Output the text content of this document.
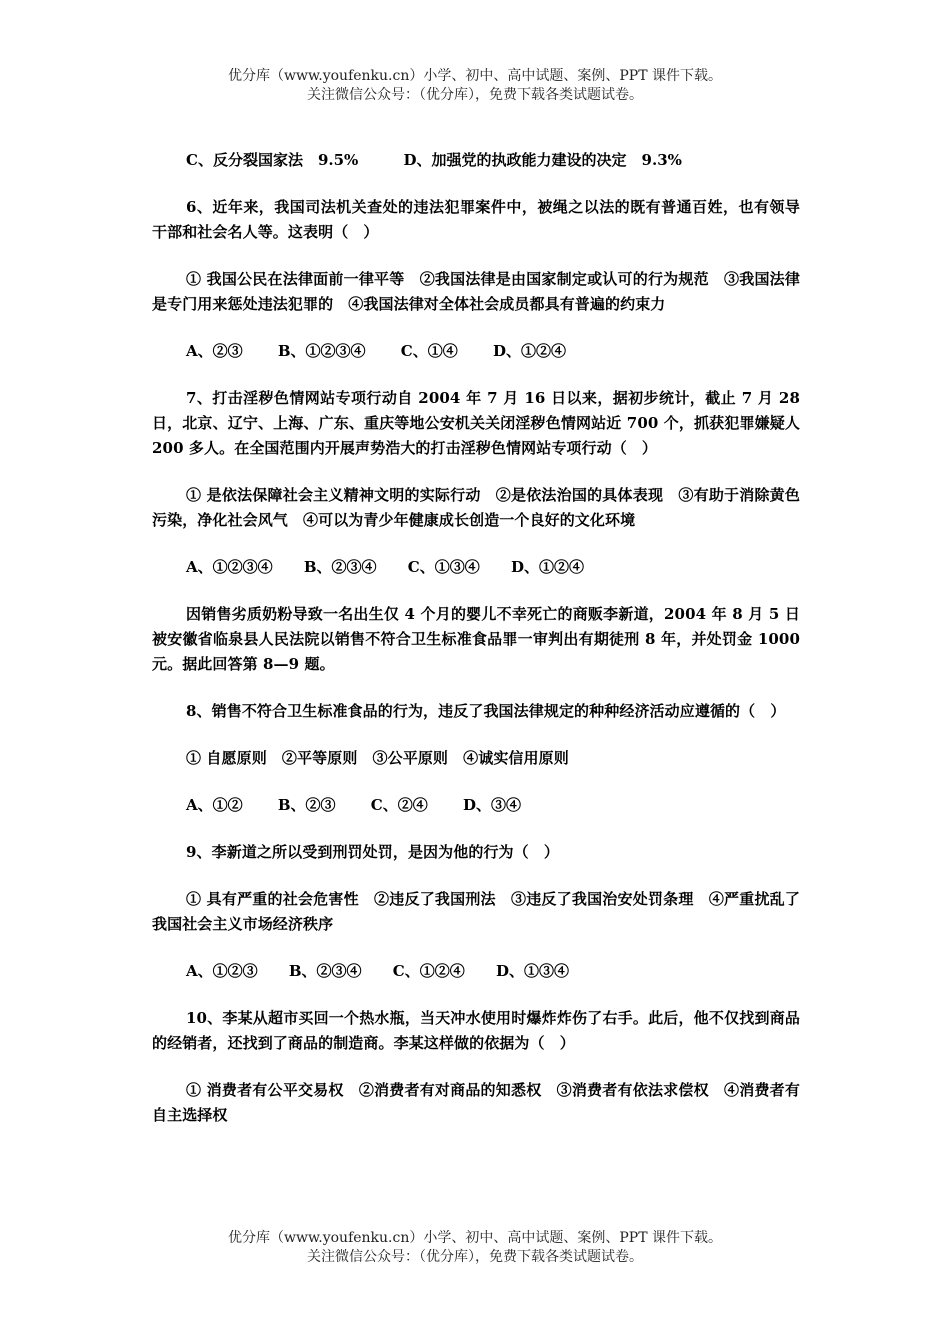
优分库（www.youfenku.cn）小学、初中、高中试题、案例、PPT 课件下载。
关注微信公众号：（优分库），免费下载各类试题试卷。
C、反分裂国家法　9.5%	D、加强党的执政能力建设的决定　9.3%

6、近年来，我国司法机关查处的违法犯罪案件中，被绳之以法的既有普通百姓，也有领导干部和社会名人等。这表明（　）

① 我国公民在法律面前一律平等　②我国法律是由国家制定或认可的行为规范　③我国法律是专门用来惩处违法犯罪的　④我国法律对全体社会成员都具有普遍的约束力

A、②③ B、①②③④ C、①④ D、①②④

7、打击淫秽色情网站专项行动自 2004 年 7 月 16 日以来，据初步统计，截止 7 月 28 日，北京、辽宁、上海、广东、重庆等地公安机关关闭淫秽色情网站近 700 个，抓获犯罪嫌疑人 200 多人。在全国范围内开展声势浩大的打击淫秽色情网站专项行动（　）

① 是依法保障社会主义精神文明的实际行动　②是依法治国的具体表现　③有助于消除黄色污染，净化社会风气　④可以为青少年健康成长创造一个良好的文化环境

A、①②③④ B、②③④ C、①③④ D、①②④

因销售劣质奶粉导致一名出生仅 4 个月的婴儿不幸死亡的商贩李新道，2004 年 8 月 5 日被安徽省临泉县人民法院以销售不符合卫生标准食品罪一审判出有期徒刑 8 年，并处罚金 1000 元。据此回答第 8—9 题。

8、销售不符合卫生标准食品的行为，违反了我国法律规定的种种经济活动应遵循的（　）

① 自愿原则　②平等原则　③公平原则　④诚实信用原则

A、①② B、②③ C、②④ D、③④

9、李新道之所以受到刑罚处罚，是因为他的行为（　）

① 具有严重的社会危害性　②违反了我国刑法　③违反了我国治安处罚条理　④严重扰乱了我国社会主义市场经济秩序

A、①②③ B、②③④ C、①②④ D、①③④

10、李某从超市买回一个热水瓶，当天冲水使用时爆炸炸伤了右手。此后，他不仅找到商品的经销者，还找到了商品的制造商。李某这样做的依据为（　）

① 消费者有公平交易权　②消费者有对商品的知悉权　③消费者有依法求偿权　④消费者有自主选择权

优分库（www.youfenku.cn）小学、初中、高中试题、案例、PPT 课件下载。
关注微信公众号：（优分库），免费下载各类试题试卷。
